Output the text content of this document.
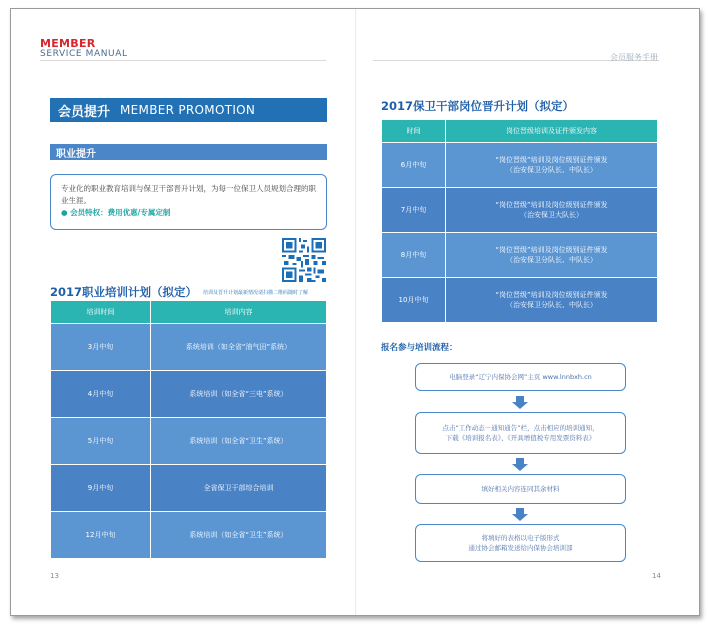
MEMBER
SERVICE MANUAL	会员服务手册
会员提升 MEMBER PROMOTION
职业提升
专业化的职业教育培训与保卫干部晋升计划，为每一位保卫人员规划合理的职业生涯。
● 会员特权：费用优惠/专属定制
2017职业培训计划（拟定） 培训及晋升计划最新情况请扫描二维码随时了解
培训时间	培训内容
3月中旬	系统培训（如全省“油气田”系统）
4月中旬	系统培训（如全省“三电”系统）
5月中旬	系统培训（如全省“卫生”系统）
9月中旬	全省保卫干部综合培训
12月中旬	系统培训（如全省“卫生”系统）
13
2017保卫干部岗位晋升计划（拟定）
时间	岗位晋级培训及证件颁发内容
6月中旬	“岗位晋级”培训及岗位级别证件颁发
（治安保卫分队长、中队长）

7月中旬	“岗位晋级”培训及岗位级别证件颁发
（治安保卫大队长）

8月中旬	“岗位晋级”培训及岗位级别证件颁发
（治安保卫分队长、中队长）

10月中旬	“岗位晋级”培训及岗位级别证件颁发
（治安保卫分队长、中队长）
报名参与培训流程：
电脑登录“辽宁内保协会网”主页 www.lnnbxh.cn
点击“工作动态－通知通告”栏，点击相应的培训通知，
下载《培训报名表》、《开具增值税专用发票资料表》
填好相关内容连同其余材料
将填好的表格以电子版形式
通过协会邮箱发送给内保协会培训部
14
